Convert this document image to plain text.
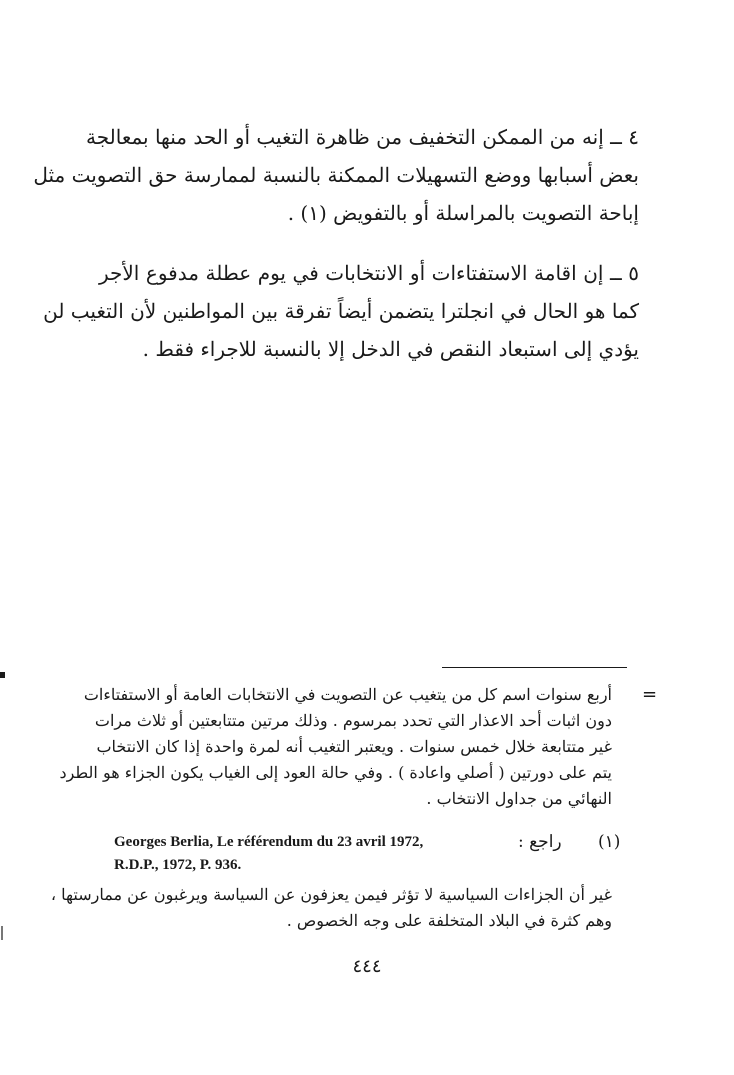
٤ ــ إنه من الممكن التخفيف من ظاهرة التغيب أو الحد منها بمعالجة
بعض أسبابها ووضع التسهيلات الممكنة بالنسبة لممارسة حق التصويت مثل
إباحة التصويت بالمراسلة أو بالتفويض (١) .
٥ ــ إن اقامة الاستفتاءات أو الانتخابات في يوم عطلة مدفوع الأجر
كما هو الحال في انجلترا يتضمن أيضاً تفرقة بين المواطنين لأن التغيب لن
يؤدي إلى استبعاد النقص في الدخل إلا بالنسبة للاجراء فقط .
=
أربع سنوات اسم كل من يتغيب عن التصويت في الانتخابات العامة أو الاستفتاءات
دون اثبات أحد الاعذار التي تحدد بمرسوم . وذلك مرتين متتابعتين أو ثلاث مرات
غير متتابعة خلال خمس سنوات . ويعتبر التغيب أنه لمرة واحدة إذا كان الانتخاب
يتم على دورتين ( أصلي واعادة ) . وفي حالة العود إلى الغياب يكون الجزاء هو الطرد
النهائي من جداول الانتخاب .
(١)
راجع :
Georges Berlia, Le référendum du 23 avril 1972,
R.D.P., 1972, P. 936.
غير أن الجزاءات السياسية لا تؤثر فيمن يعزفون عن السياسة ويرغبون عن ممارستها ،
وهم كثرة في البلاد المتخلفة على وجه الخصوص .
٤٤٤
